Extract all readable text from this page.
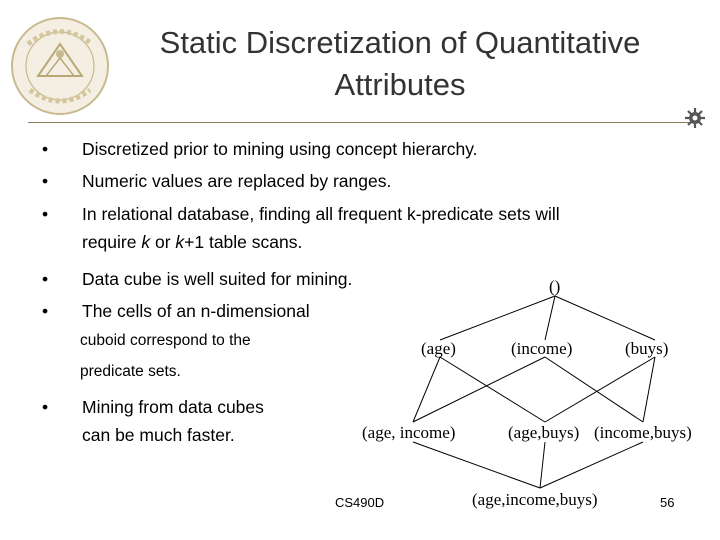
Static Discretization of Quantitative
Attributes
•	Discretized prior to mining using concept hierarchy.
•	Numeric values are replaced by ranges.
•	In relational database, finding all frequent k-predicate sets will
require k or k+1 table scans.
•	Data cube is well suited for mining.
•	The cells of an n-dimensional
cuboid correspond to the
predicate sets.
•	Mining from data cubes
can be much faster.
()
(age)	(income)	(buys)
(age, income)	(age,buys) (income,buys)
(age,income,buys)
CS490D	56
